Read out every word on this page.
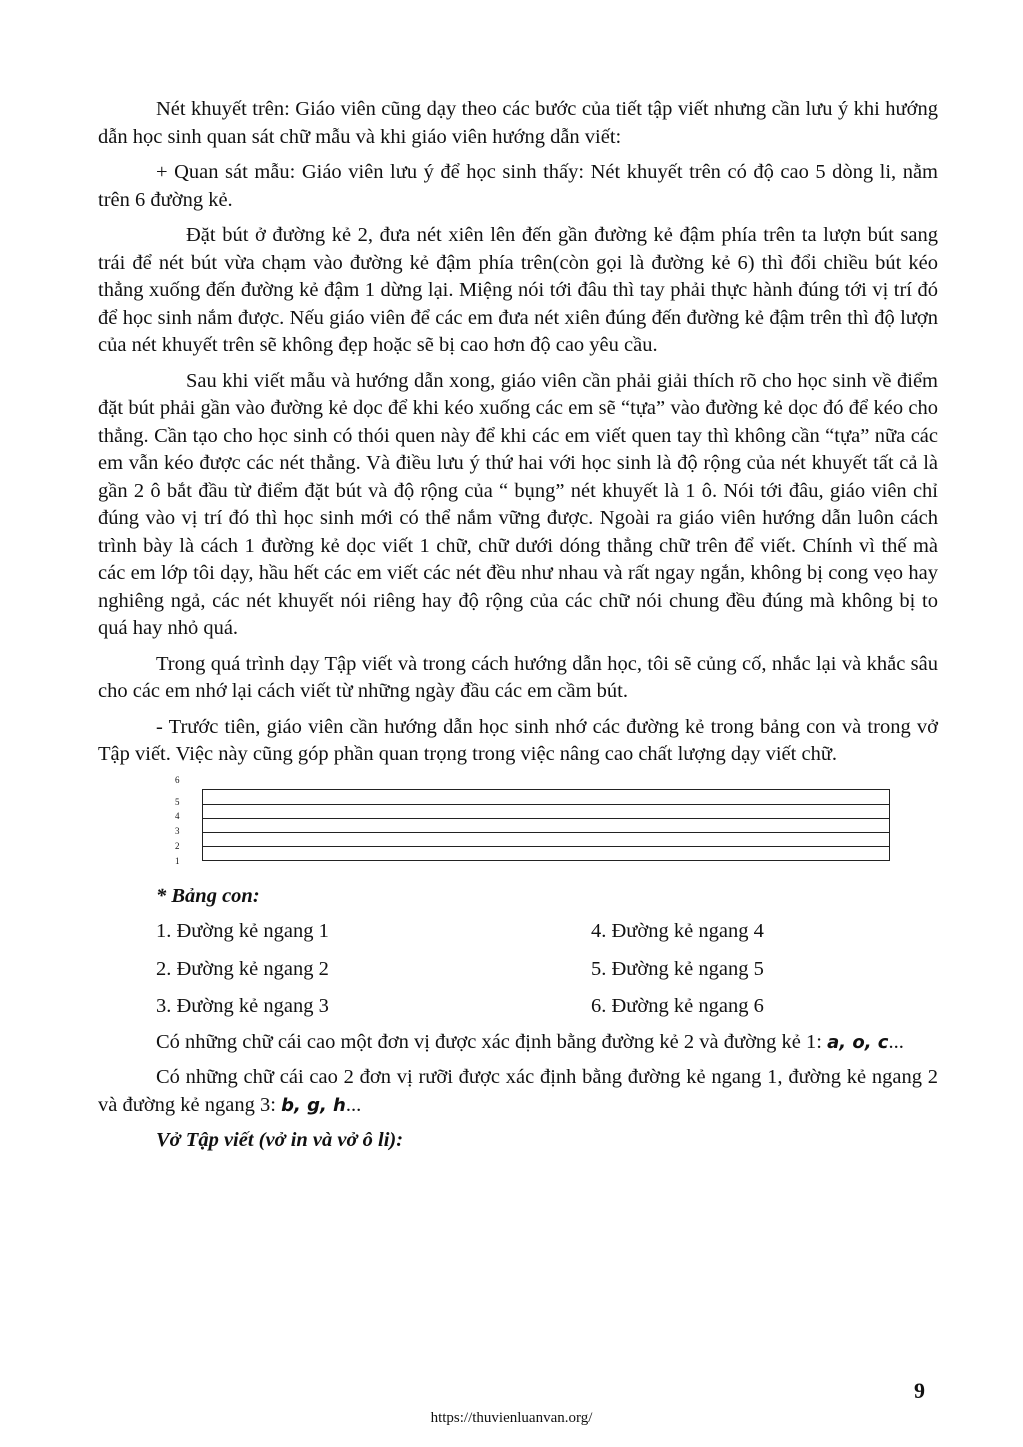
Nét khuyết trên: Giáo viên cũng dạy theo các bước của tiết tập viết nhưng cần lưu ý khi hướng dẫn học sinh quan sát chữ mẫu và khi giáo viên hướng dẫn viết:

+ Quan sát mẫu: Giáo viên lưu ý để học sinh thấy: Nét khuyết trên có độ cao 5 dòng li, nằm trên 6 đường kẻ.

Đặt bút ở đường kẻ 2, đưa nét xiên lên đến gần đường kẻ đậm phía trên ta lượn bút sang trái để nét bút vừa chạm vào đường kẻ đậm phía trên(còn gọi là đường kẻ 6) thì đổi chiều bút kéo thẳng xuống đến đường kẻ đậm 1 dừng lại. Miệng nói tới đâu thì tay phải thực hành đúng tới vị trí đó để học sinh nắm được. Nếu giáo viên để các em đưa nét xiên đúng đến đường kẻ đậm trên thì độ lượn của nét khuyết trên sẽ không đẹp hoặc sẽ bị cao hơn độ cao yêu cầu.

Sau khi viết mẫu và hướng dẫn xong, giáo viên cần phải giải thích rõ cho học sinh về điểm đặt bút phải gần vào đường kẻ dọc để khi kéo xuống các em sẽ “tựa” vào đường kẻ dọc đó để kéo cho thẳng. Cần tạo cho học sinh có thói quen này để khi các em viết quen tay thì không cần “tựa” nữa các em vẫn kéo được các nét thẳng. Và điều lưu ý thứ hai với học sinh là độ rộng của nét khuyết tất cả là gần 2 ô bắt đầu từ điểm đặt bút và độ rộng của “ bụng” nét khuyết là 1 ô. Nói tới đâu, giáo viên chỉ đúng vào vị trí đó thì học sinh mới có thể nắm vững được. Ngoài ra giáo viên hướng dẫn luôn cách trình bày là cách 1 đường kẻ dọc viết 1 chữ, chữ dưới dóng thẳng chữ trên để viết. Chính vì thế mà các em lớp tôi dạy, hầu hết các em viết các nét đều như nhau và rất ngay ngắn, không bị cong vẹo hay nghiêng ngả, các nét khuyết nói riêng hay độ rộng của các chữ nói chung đều đúng mà không bị to quá hay nhỏ quá.

Trong quá trình dạy Tập viết và trong cách hướng dẫn học, tôi sẽ củng cố, nhắc lại và khắc sâu cho các em nhớ lại cách viết từ những ngày đầu các em cầm bút.

- Trước tiên, giáo viên cần hướng dẫn học sinh nhớ các đường kẻ trong bảng con và trong vở Tập viết. Việc này cũng góp phần quan trọng trong việc nâng cao chất lượng dạy viết chữ.

6
5
4
3
2
1
* Bảng con:
1. Đường kẻ ngang 1	4. Đường kẻ ngang 4
2. Đường kẻ ngang 2	5. Đường kẻ ngang 5
3. Đường kẻ ngang 3	6. Đường kẻ ngang 6

Có những chữ cái cao một đơn vị được xác định bằng đường kẻ 2 và đường kẻ 1: a, o, c...

Có những chữ cái cao 2 đơn vị rưỡi được xác định bằng đường kẻ ngang 1, đường kẻ ngang 2 và đường kẻ ngang 3: b, g, h...

Vở Tập viết (vở in và vở ô li):
9
https://thuvienluanvan.org/
